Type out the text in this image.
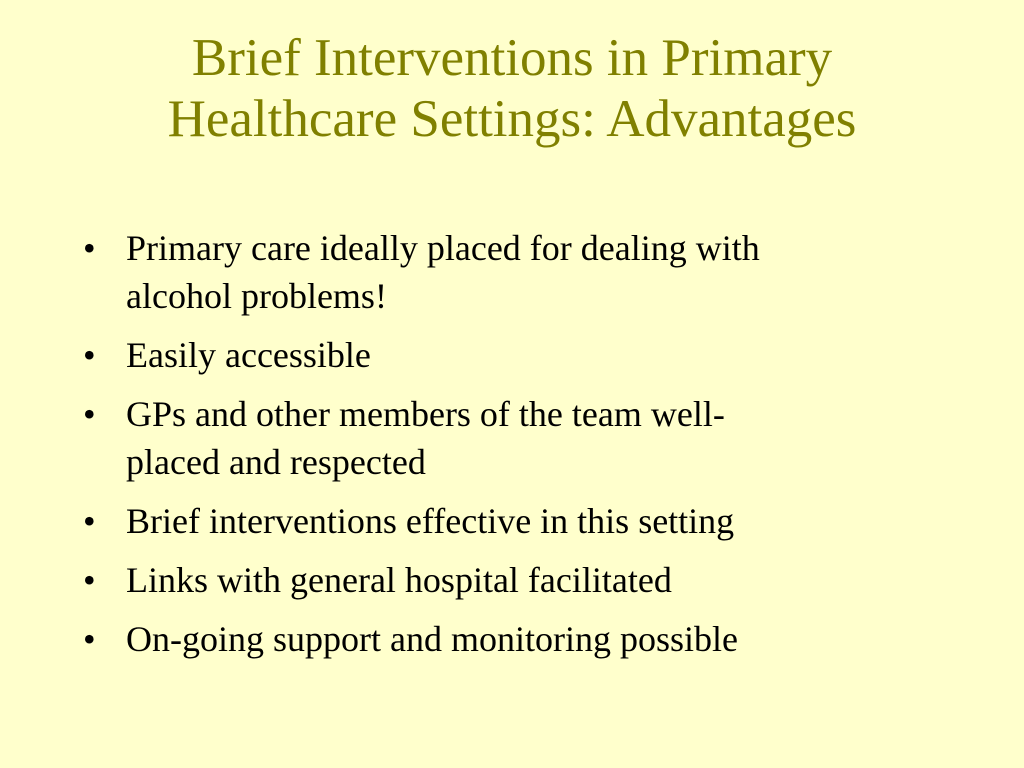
Brief Interventions in Primary
Healthcare Settings: Advantages
• Primary care ideally placed for dealing with
alcohol problems!
• Easily accessible
• GPs and other members of the team well-
placed and respected
• Brief interventions effective in this setting
• Links with general hospital facilitated
• On-going support and monitoring possible
